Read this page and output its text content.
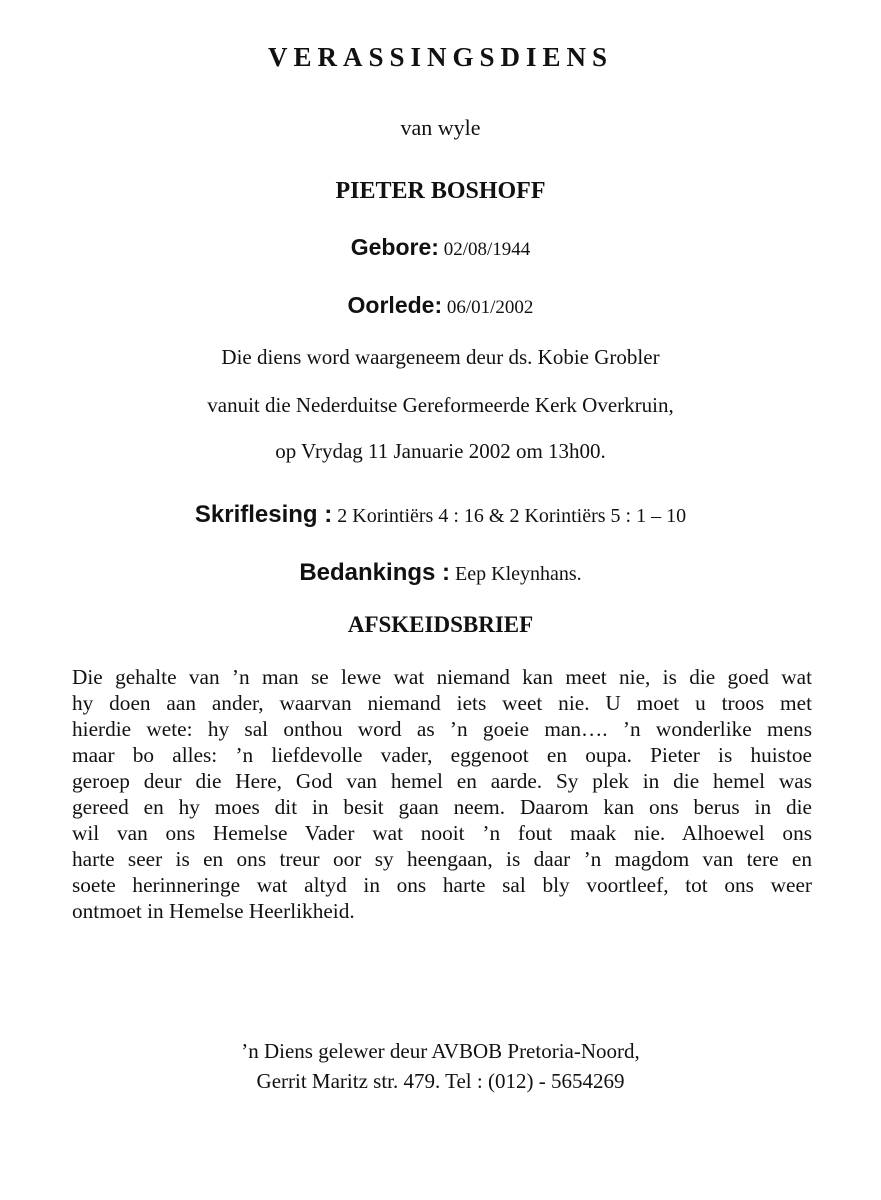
VERASSINGSDIENS
van wyle
PIETER BOSHOFF
Gebore: 02/08/1944
Oorlede: 06/01/2002
Die diens word waargeneem deur ds. Kobie Grobler
vanuit die Nederduitse Gereformeerde Kerk Overkruin,
op Vrydag 11 Januarie 2002 om 13h00.
Skriflesing : 2 Korintiërs 4 : 16 & 2 Korintiërs 5 : 1 – 10
Bedankings : Eep Kleynhans.
AFSKEIDSBRIEF
Die gehalte van ’n man se lewe wat niemand kan meet nie, is die goed wat
hy doen aan ander, waarvan niemand iets weet nie. U moet u troos met
hierdie wete: hy sal onthou word as ’n goeie man…. ’n wonderlike mens
maar bo alles: ’n liefdevolle vader, eggenoot en oupa. Pieter is huistoe
geroep deur die Here, God van hemel en aarde. Sy plek in die hemel was
gereed en hy moes dit in besit gaan neem. Daarom kan ons berus in die
wil van ons Hemelse Vader wat nooit ’n fout maak nie. Alhoewel ons
harte seer is en ons treur oor sy heengaan, is daar ’n magdom van tere en
soete herinneringe wat altyd in ons harte sal bly voortleef, tot ons weer
ontmoet in Hemelse Heerlikheid.
’n Diens gelewer deur AVBOB Pretoria-Noord,
Gerrit Maritz str. 479. Tel : (012) - 5654269
